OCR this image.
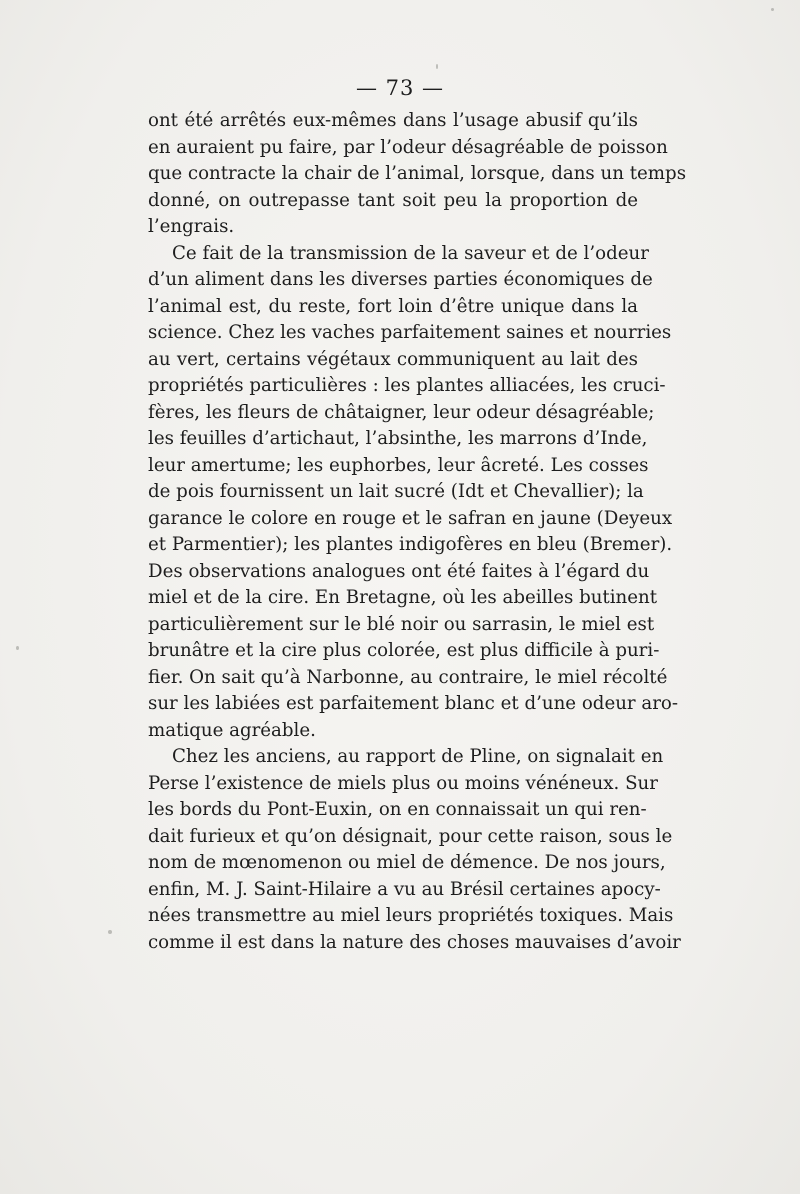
— 73 —
ont été arrêtés eux-mêmes dans l’usage abusif qu’ils
en auraient pu faire, par l’odeur désagréable de poisson
que contracte la chair de l’animal, lorsque, dans un temps
donné, on outrepasse tant soit peu la proportion de
l’engrais.
Ce fait de la transmission de la saveur et de l’odeur
d’un aliment dans les diverses parties économiques de
l’animal est, du reste, fort loin d’être unique dans la
science. Chez les vaches parfaitement saines et nourries
au vert, certains végétaux communiquent au lait des
propriétés particulières : les plantes alliacées, les cruci-
fères, les fleurs de châtaigner, leur odeur désagréable;
les feuilles d’artichaut, l’absinthe, les marrons d’Inde,
leur amertume; les euphorbes, leur âcreté. Les cosses
de pois fournissent un lait sucré (Idt et Chevallier); la
garance le colore en rouge et le safran en jaune (Deyeux
et Parmentier); les plantes indigofères en bleu (Bremer).
Des observations analogues ont été faites à l’égard du
miel et de la cire. En Bretagne, où les abeilles butinent
particulièrement sur le blé noir ou sarrasin, le miel est
brunâtre et la cire plus colorée, est plus difficile à puri-
fier. On sait qu’à Narbonne, au contraire, le miel récolté
sur les labiées est parfaitement blanc et d’une odeur aro-
matique agréable.
Chez les anciens, au rapport de Pline, on signalait en
Perse l’existence de miels plus ou moins vénéneux. Sur
les bords du Pont-Euxin, on en connaissait un qui ren-
dait furieux et qu’on désignait, pour cette raison, sous le
nom de mœnomenon ou miel de démence. De nos jours,
enfin, M. J. Saint-Hilaire a vu au Brésil certaines apocy-
nées transmettre au miel leurs propriétés toxiques. Mais
comme il est dans la nature des choses mauvaises d’avoir
